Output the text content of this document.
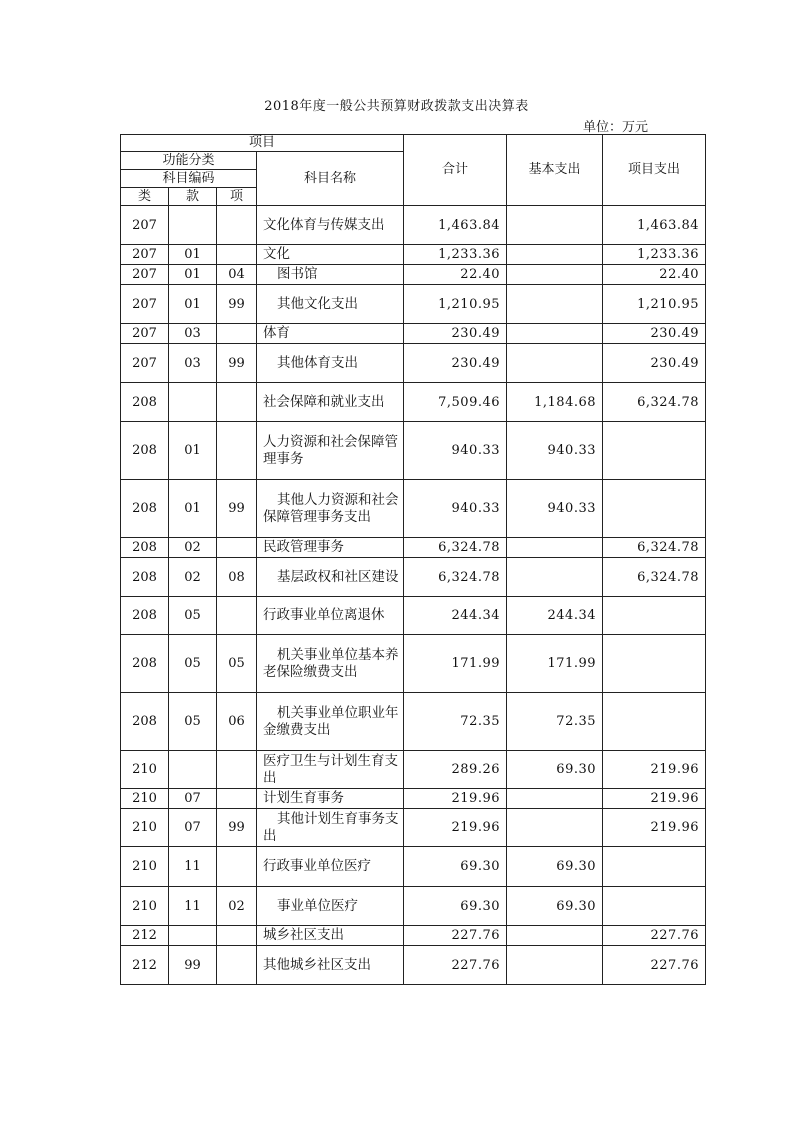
2018年度一般公共预算财政拨款支出决算表
单位：万元
项目				合计	基本支出	项目支出
功能分类			科目名称			
科目编码						
类	款	项				
207			文化体育与传媒支出	1,463.84		1,463.84
207	01		文化	1,233.36		1,233.36
207	01	04	图书馆	22.40		22.40
207	01	99	其他文化支出	1,210.95		1,210.95
207	03		体育	230.49		230.49
207	03	99	其他体育支出	230.49		230.49
208			社会保障和就业支出	7,509.46	1,184.68	6,324.78
208	01		人力资源和社会保障管理事务	940.33	940.33	
208	01	99	其他人力资源和社会保障管理事务支出	940.33	940.33	
208	02		民政管理事务	6,324.78		6,324.78
208	02	08	基层政权和社区建设	6,324.78		6,324.78
208	05		行政事业单位离退休	244.34	244.34	
208	05	05	机关事业单位基本养老保险缴费支出	171.99	171.99	
208	05	06	机关事业单位职业年金缴费支出	72.35	72.35	
210			医疗卫生与计划生育支出	289.26	69.30	219.96
210	07		计划生育事务	219.96		219.96
210	07	99	其他计划生育事务支出	219.96		219.96
210	11		行政事业单位医疗	69.30	69.30	
210	11	02	事业单位医疗	69.30	69.30	
212			城乡社区支出	227.76		227.76
212	99		其他城乡社区支出	227.76		227.76
